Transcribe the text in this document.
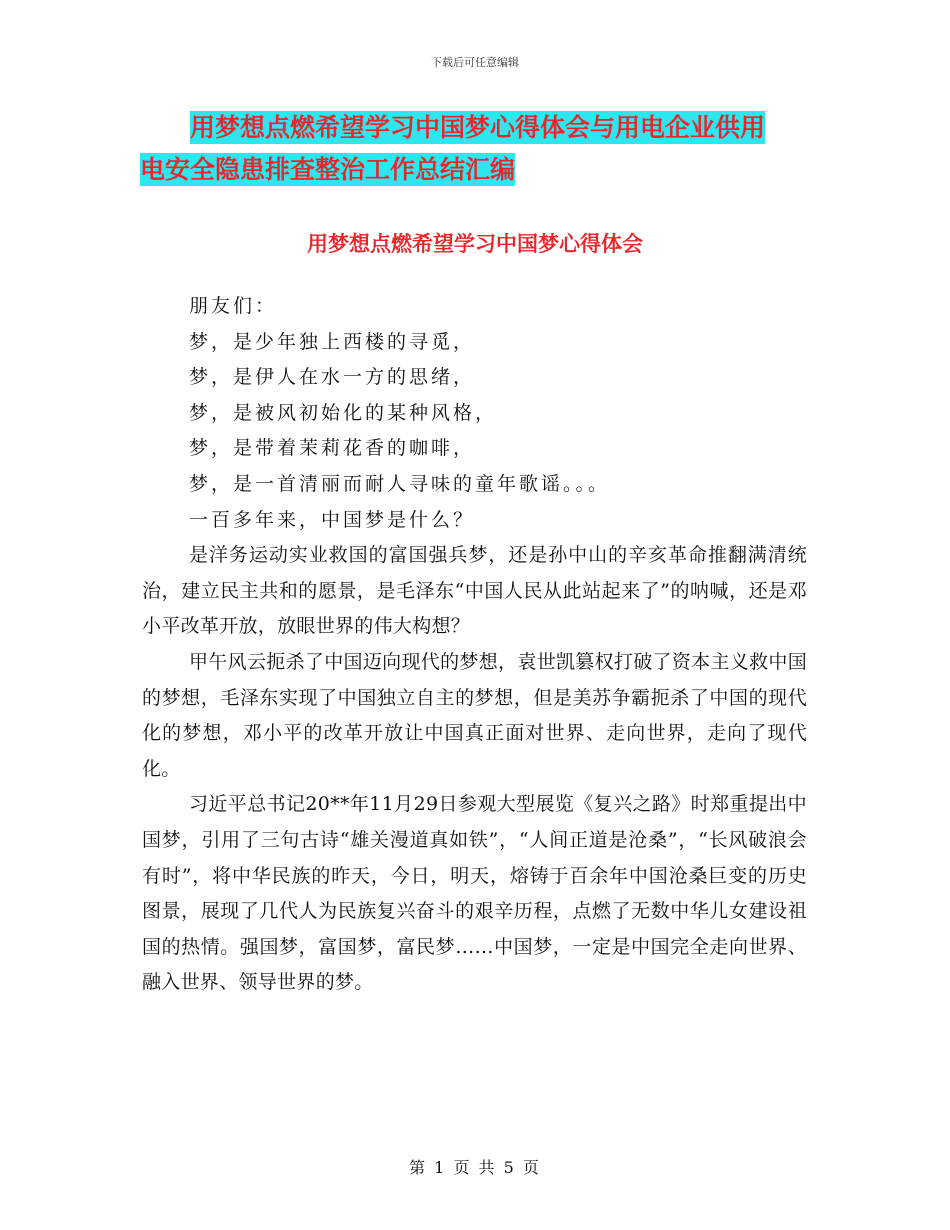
下载后可任意编辑
用梦想点燃希望学习中国梦心得体会与用电企业供用
电安全隐患排查整治工作总结汇编
用梦想点燃希望学习中国梦心得体会

朋友们：

梦，是少年独上西楼的寻觅，

梦，是伊人在水一方的思绪，

梦，是被风初始化的某种风格，

梦，是带着茉莉花香的咖啡，

梦，是一首清丽而耐人寻味的童年歌谣。。。

一百多年来，中国梦是什么？

是洋务运动实业救国的富国强兵梦，还是孙中山的辛亥革命推翻满清统治，建立民主共和的愿景，是毛泽东“中国人民从此站起来了”的呐喊，还是邓小平改革开放，放眼世界的伟大构想？

甲午风云扼杀了中国迈向现代的梦想，袁世凯篡权打破了资本主义救中国的梦想，毛泽东实现了中国独立自主的梦想，但是美苏争霸扼杀了中国的现代化的梦想，邓小平的改革开放让中国真正面对世界、走向世界，走向了现代化。

习近平总书记20**年11月29日参观大型展览《复兴之路》时郑重提出中国梦，引用了三句古诗“雄关漫道真如铁”，“人间正道是沧桑”，“长风破浪会有时”，将中华民族的昨天，今日，明天，熔铸于百余年中国沧桑巨变的历史图景，展现了几代人为民族复兴奋斗的艰辛历程，点燃了无数中华儿女建设祖国的热情。强国梦，富国梦，富民梦……中国梦，一定是中国完全走向世界、融入世界、领导世界的梦。

第 1 页 共 5 页
